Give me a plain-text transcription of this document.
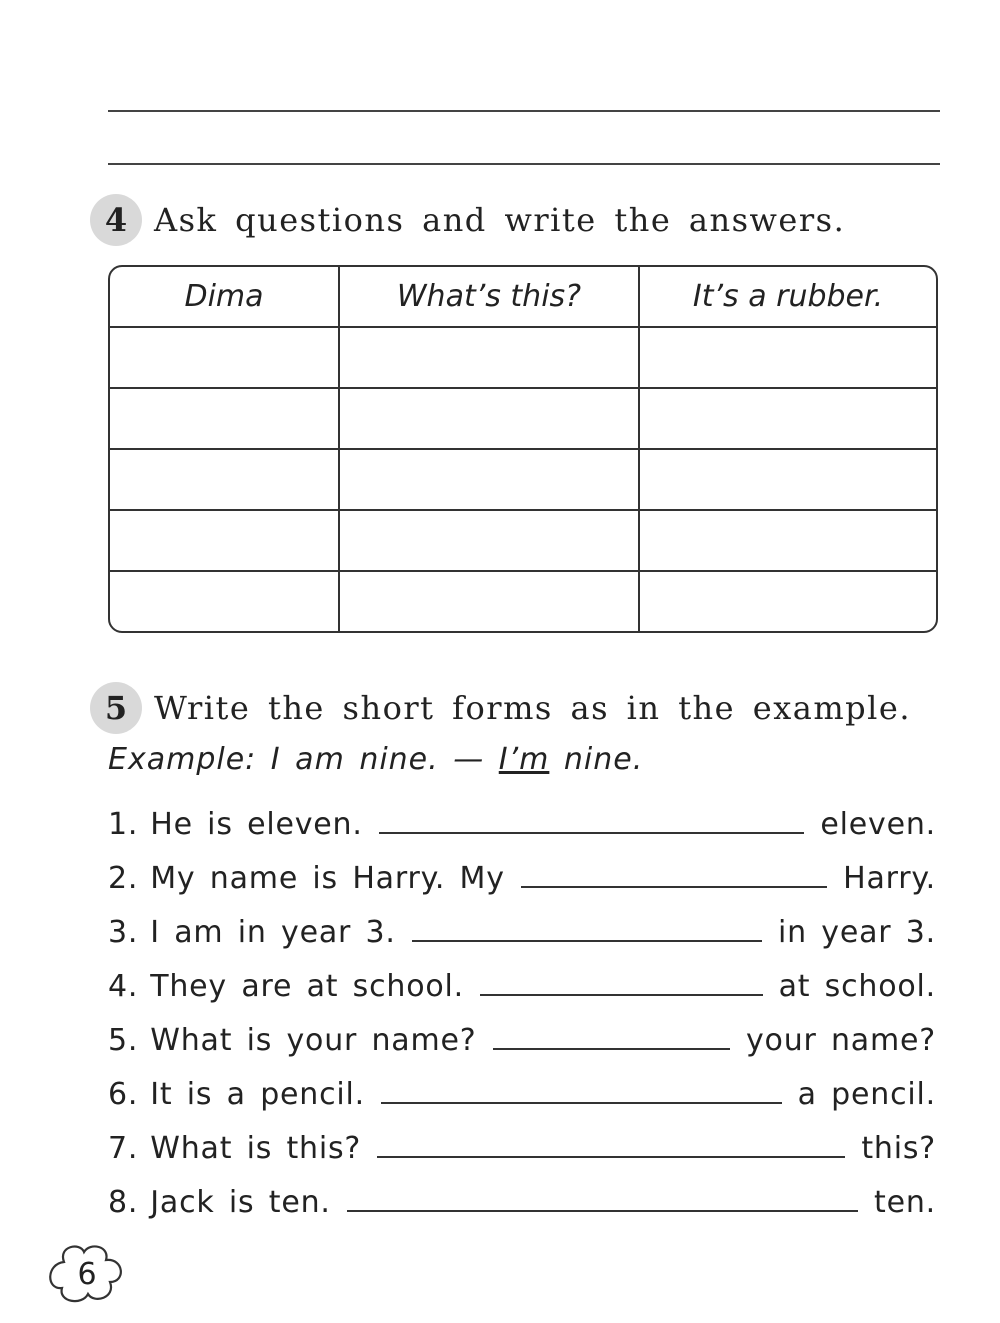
4 Ask questions and write the answers.
Dima	What’s this?	It’s a rubber.

5 Write the short forms as in the example.
Example: I am nine. — I’m nine.
1. He is eleven.	eleven.
2. My name is Harry. My	Harry.
3. I am in year 3.	in year 3.
4. They are at school.	at school.
5. What is your name?	your name?
6. It is a pencil.	a pencil.
7. What is this?	this?
8. Jack is ten.	ten.
6
